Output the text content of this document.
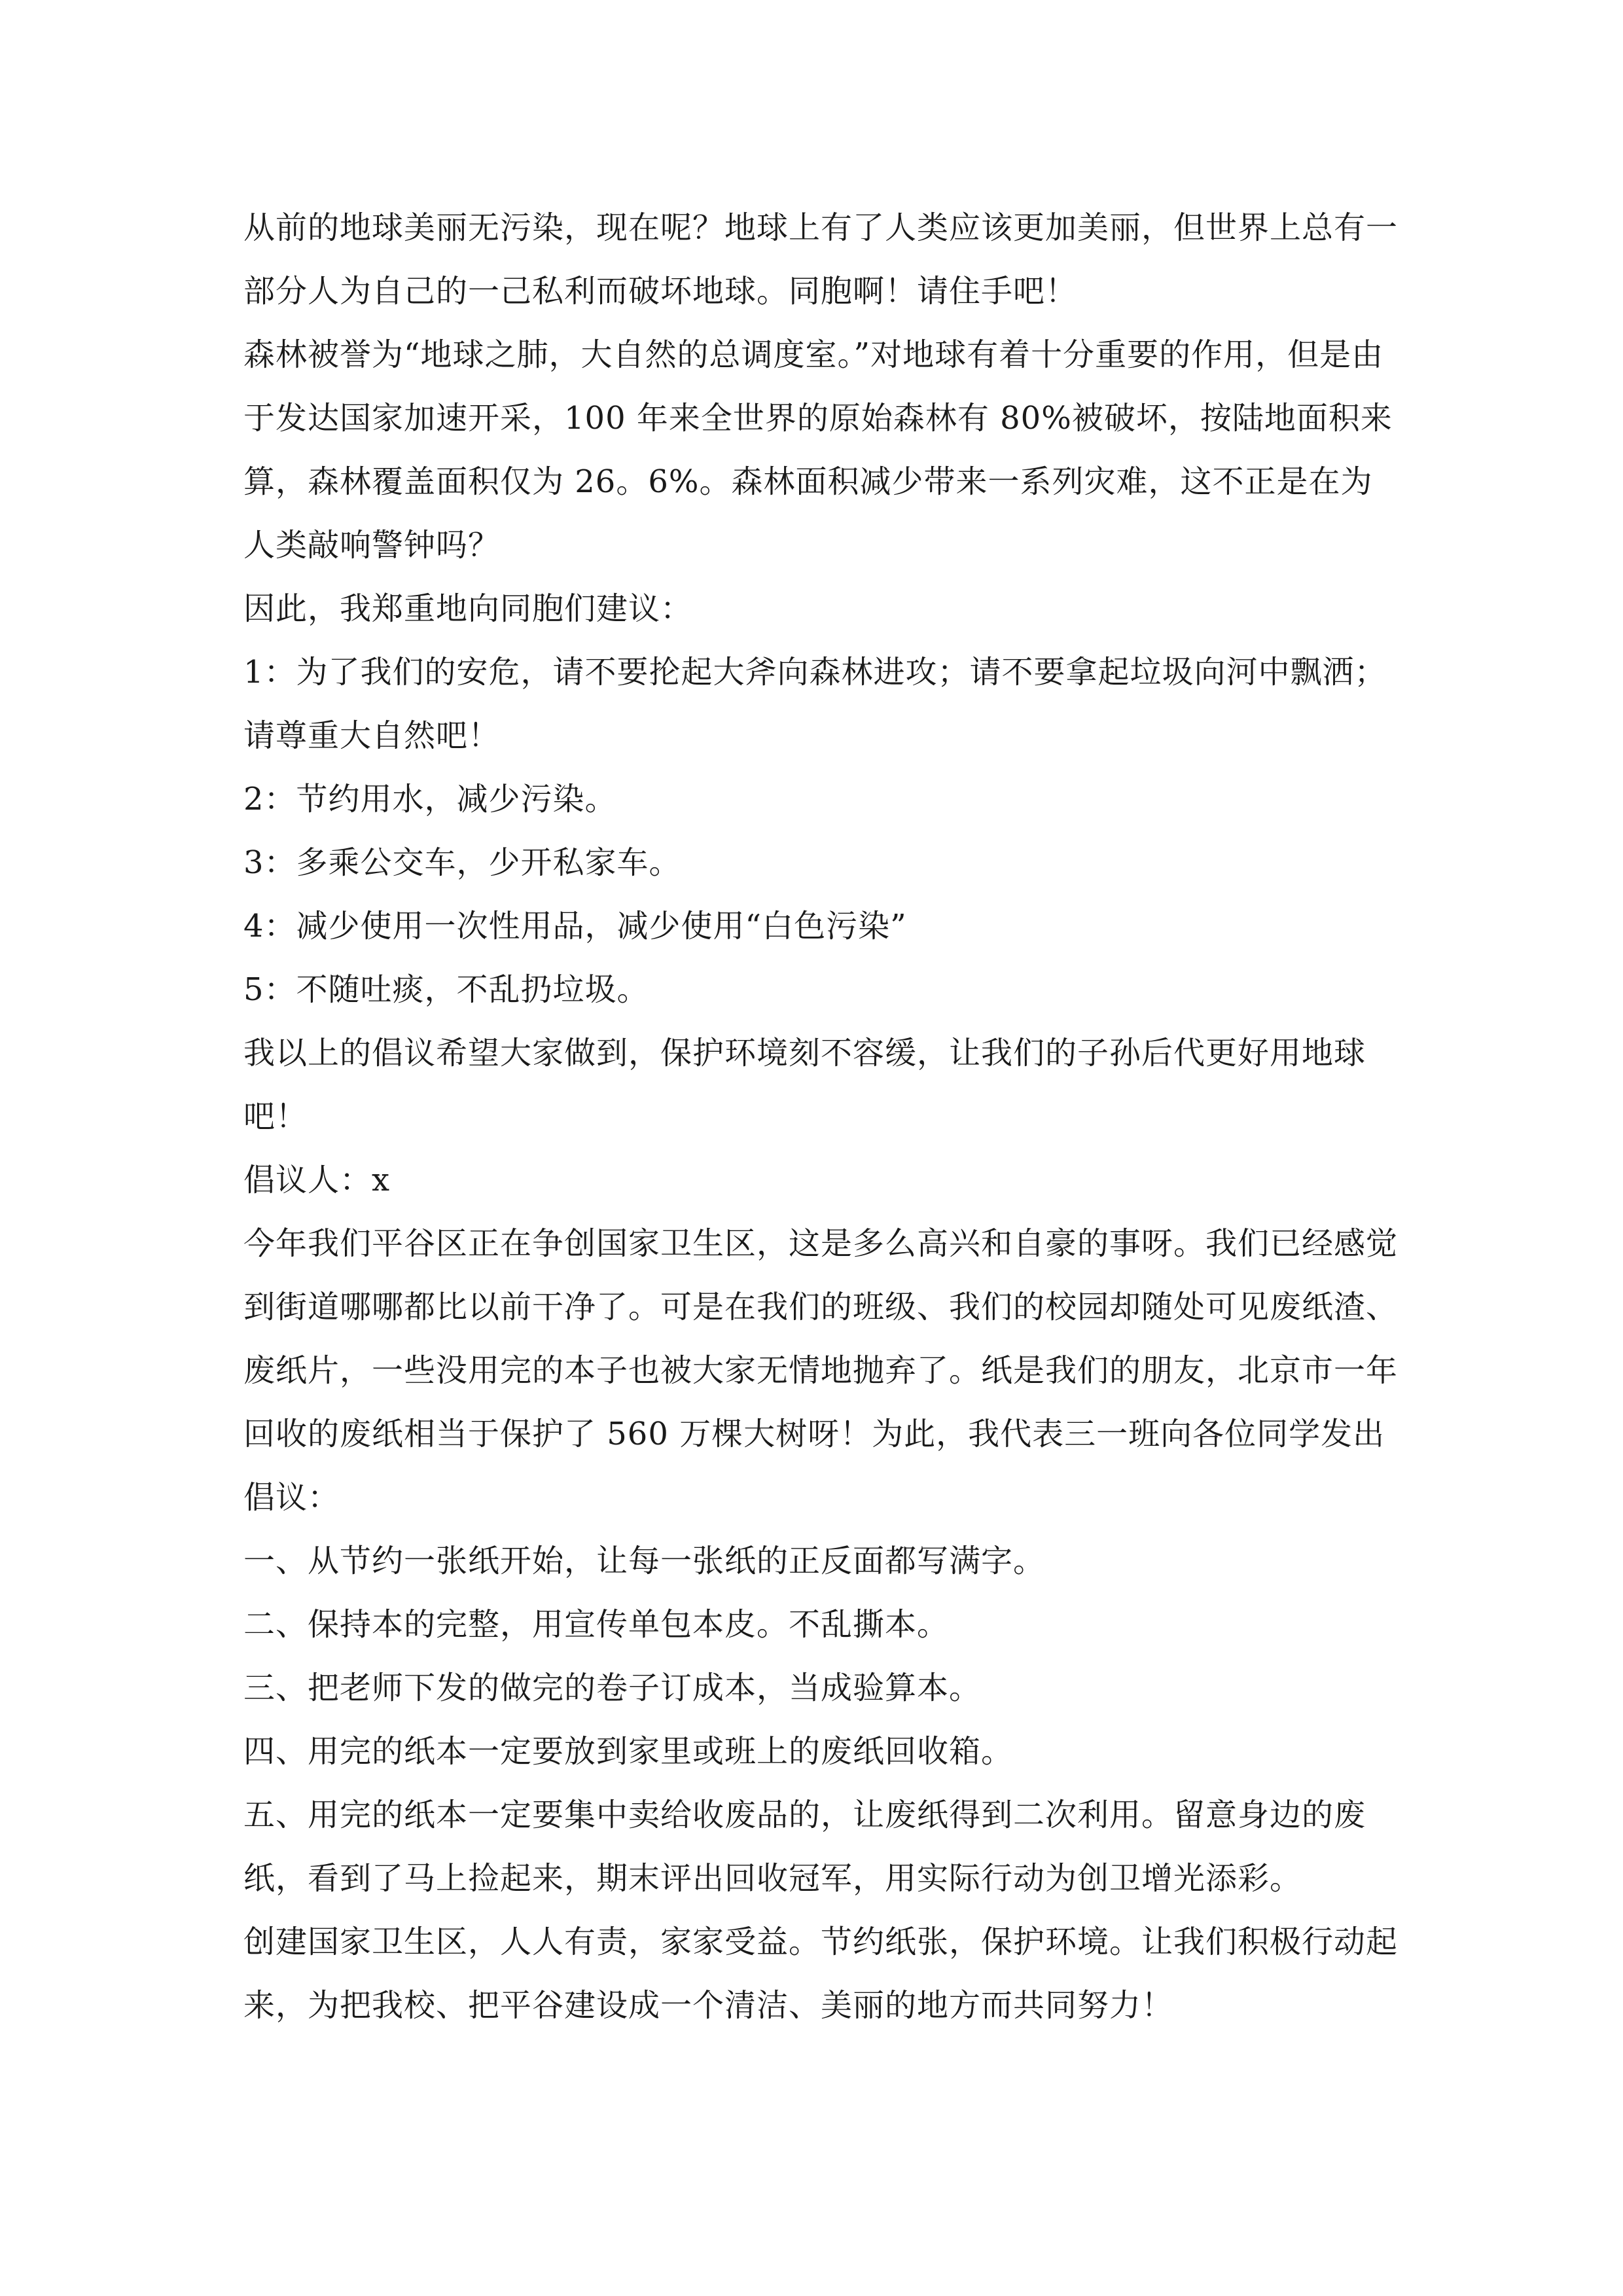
从前的地球美丽无污染，现在呢？地球上有了人类应该更加美丽，但世界上总有一部分人为自己的一己私利而破坏地球。同胞啊！请住手吧！

森林被誉为“地球之肺，大自然的总调度室。”对地球有着十分重要的作用，但是由于发达国家加速开采，100 年来全世界的原始森林有 80%被破坏，按陆地面积来算，森林覆盖面积仅为 26。6%。森林面积减少带来一系列灾难，这不正是在为人类敲响警钟吗？

因此，我郑重地向同胞们建议：

1：为了我们的安危，请不要抡起大斧向森林进攻；请不要拿起垃圾向河中飘洒；请尊重大自然吧！

2：节约用水，减少污染。

3：多乘公交车，少开私家车。

4：减少使用一次性用品，减少使用“白色污染”

5：不随吐痰，不乱扔垃圾。

我以上的倡议希望大家做到，保护环境刻不容缓，让我们的子孙后代更好用地球吧！

倡议人：x

今年我们平谷区正在争创国家卫生区，这是多么高兴和自豪的事呀。我们已经感觉到街道哪哪都比以前干净了。可是在我们的班级、我们的校园却随处可见废纸渣、废纸片，一些没用完的本子也被大家无情地抛弃了。纸是我们的朋友，北京市一年回收的废纸相当于保护了 560 万棵大树呀！为此，我代表三一班向各位同学发出倡议：

一、从节约一张纸开始，让每一张纸的正反面都写满字。

二、保持本的完整，用宣传单包本皮。不乱撕本。

三、把老师下发的做完的卷子订成本，当成验算本。

四、用完的纸本一定要放到家里或班上的废纸回收箱。

五、用完的纸本一定要集中卖给收废品的，让废纸得到二次利用。留意身边的废纸，看到了马上捡起来，期末评出回收冠军，用实际行动为创卫增光添彩。

创建国家卫生区，人人有责，家家受益。节约纸张，保护环境。让我们积极行动起来，为把我校、把平谷建设成一个清洁、美丽的地方而共同努力！
